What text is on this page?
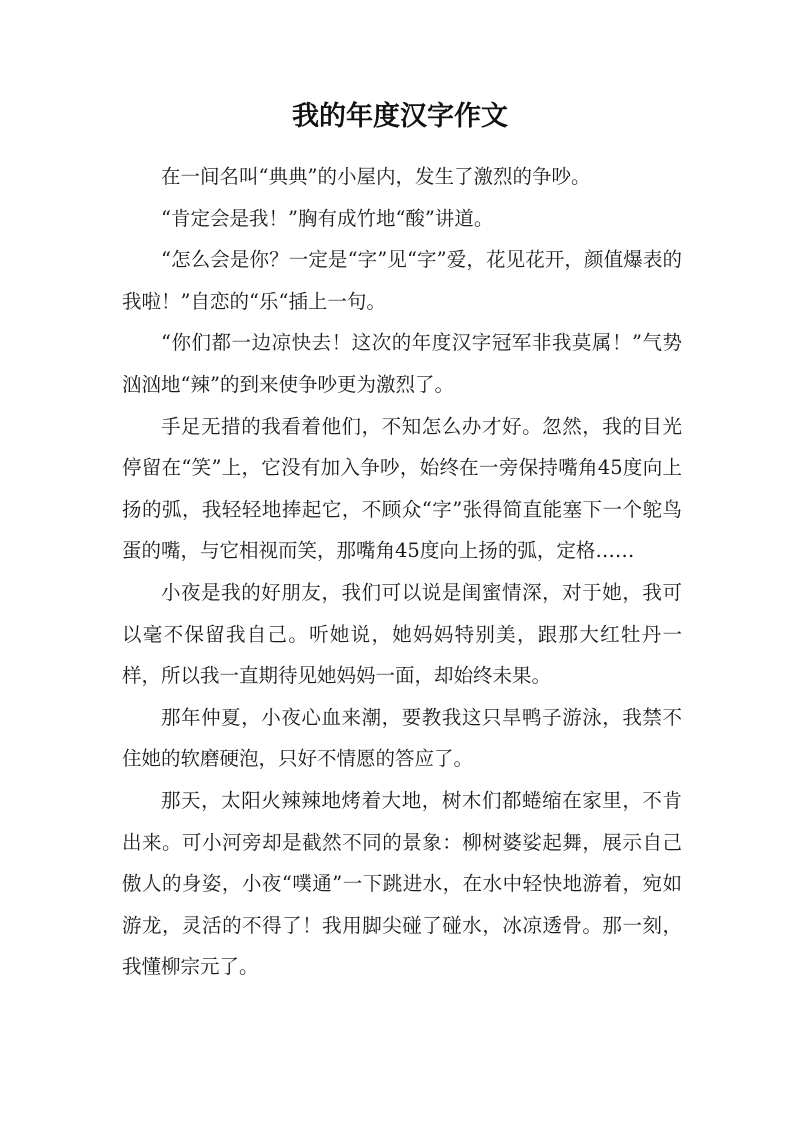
我的年度汉字作文

在一间名叫“典典”的小屋内，发生了激烈的争吵。

“肯定会是我！”胸有成竹地“酸”讲道。

“怎么会是你？一定是“字”见“字”爱，花见花开，颜值爆表的我啦！”自恋的“乐“插上一句。

“你们都一边凉快去！这次的年度汉字冠军非我莫属！”气势汹汹地“辣”的到来使争吵更为激烈了。

手足无措的我看着他们，不知怎么办才好。忽然，我的目光停留在“笑”上，它没有加入争吵，始终在一旁保持嘴角45度向上扬的弧，我轻轻地捧起它，不顾众“字”张得简直能塞下一个鸵鸟蛋的嘴，与它相视而笑，那嘴角45度向上扬的弧，定格……

小夜是我的好朋友，我们可以说是闺蜜情深，对于她，我可以毫不保留我自己。听她说，她妈妈特别美，跟那大红牡丹一样，所以我一直期待见她妈妈一面，却始终未果。

那年仲夏，小夜心血来潮，要教我这只旱鸭子游泳，我禁不住她的软磨硬泡，只好不情愿的答应了。

那天，太阳火辣辣地烤着大地，树木们都蜷缩在家里，不肯出来。可小河旁却是截然不同的景象：柳树婆娑起舞，展示自己傲人的身姿，小夜“噗通”一下跳进水，在水中轻快地游着，宛如游龙，灵活的不得了！我用脚尖碰了碰水，冰凉透骨。那一刻，我懂柳宗元了。
